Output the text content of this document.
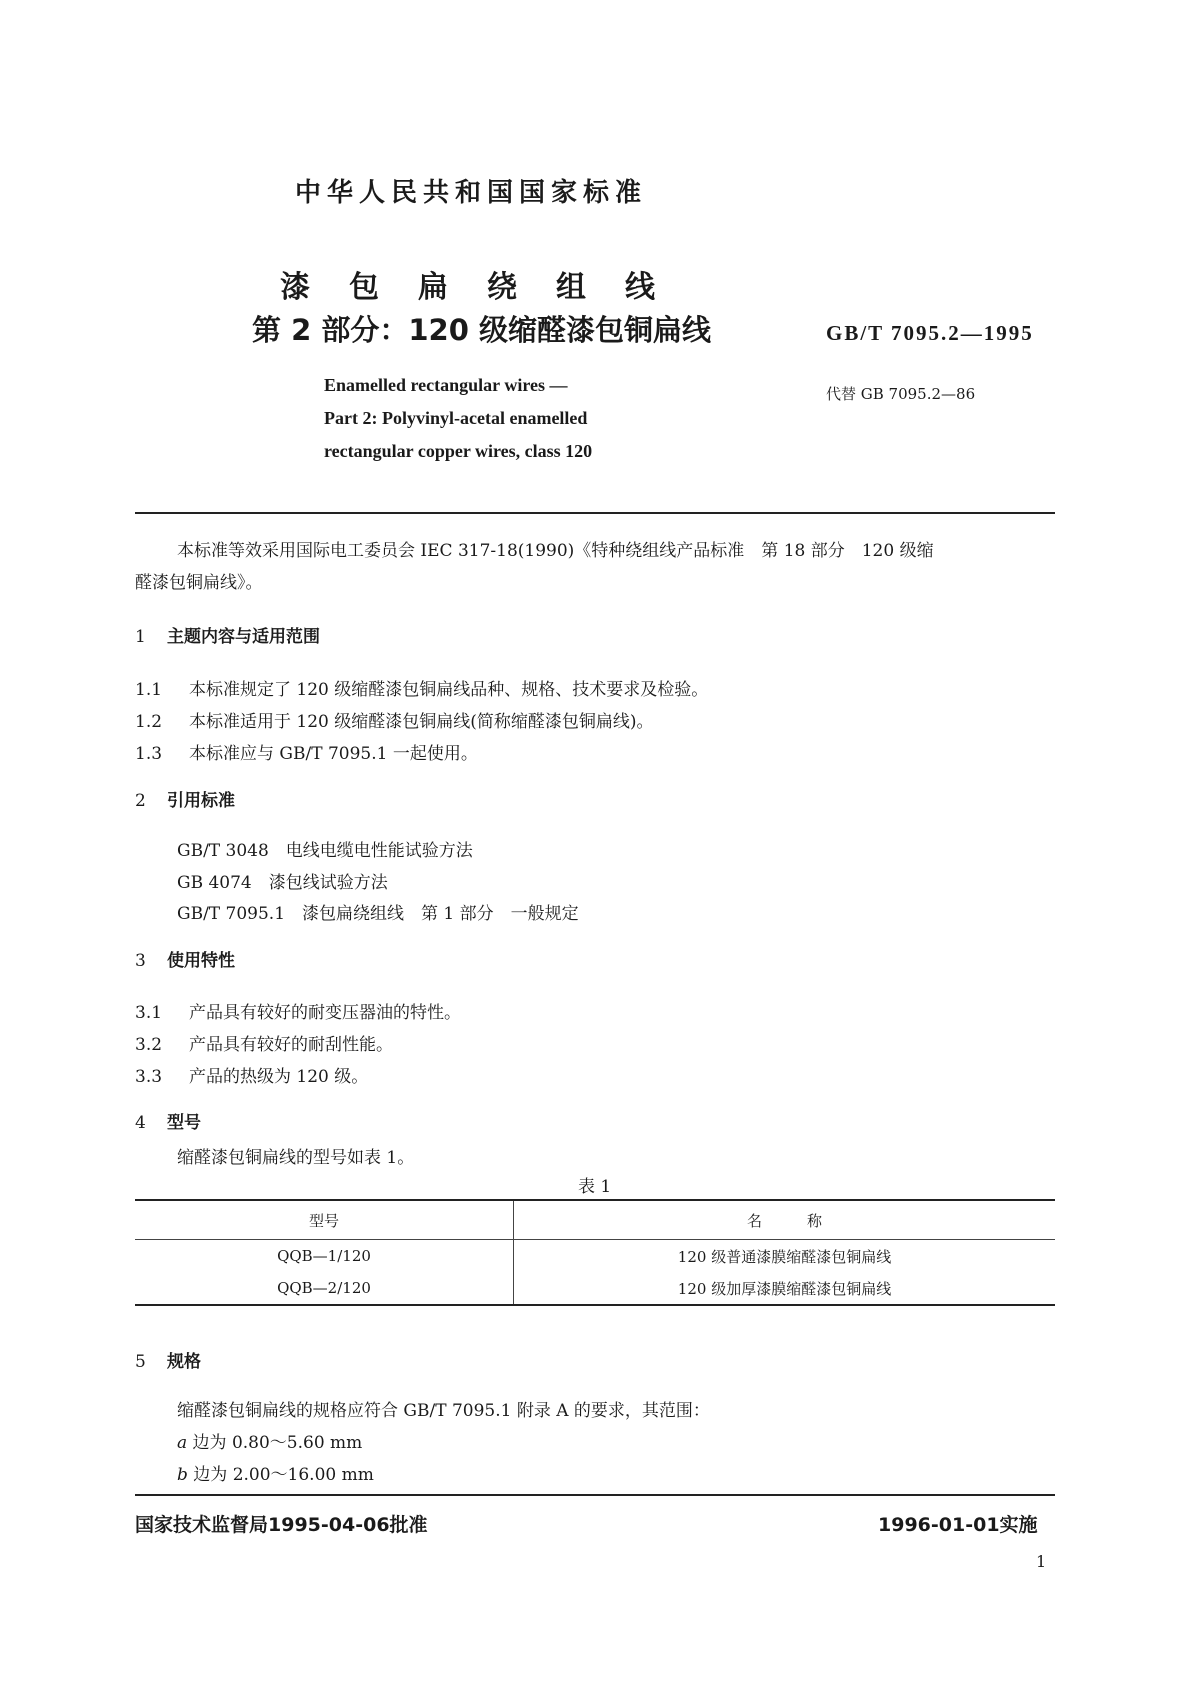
中华人民共和国国家标准
漆 包 扁 绕 组 线
第 2 部分：120 级缩醛漆包铜扁线	GB/T 7095.2—1995
Enamelled rectangular wires —
Part 2: Polyvinyl-acetal enamelled
rectangular copper wires, class 120
代替 GB 7095.2—86
本标准等效采用国际电工委员会 IEC 317-18(1990)《特种绕组线产品标准　第 18 部分　120 级缩
醛漆包铜扁线》。
1 主题内容与适用范围
1.1 本标准规定了 120 级缩醛漆包铜扁线品种、规格、技术要求及检验。
1.2 本标准适用于 120 级缩醛漆包铜扁线(简称缩醛漆包铜扁线)。
1.3 本标准应与 GB/T 7095.1 一起使用。
2 引用标准
GB/T 3048　电线电缆电性能试验方法
GB 4074　漆包线试验方法
GB/T 7095.1　漆包扁绕组线　第 1 部分　一般规定
3 使用特性
3.1 产品具有较好的耐变压器油的特性。
3.2 产品具有较好的耐刮性能。
3.3 产品的热级为 120 级。
4 型号
缩醛漆包铜扁线的型号如表 1。
表 1
型号	名　　　称
QQB—1/120	120 级普通漆膜缩醛漆包铜扁线
QQB—2/120	120 级加厚漆膜缩醛漆包铜扁线
5 规格
缩醛漆包铜扁线的规格应符合 GB/T 7095.1 附录 A 的要求，其范围：
a 边为 0.80～5.60 mm
b 边为 2.00～16.00 mm
国家技术监督局1995-04-06批准	1996-01-01实施
1
